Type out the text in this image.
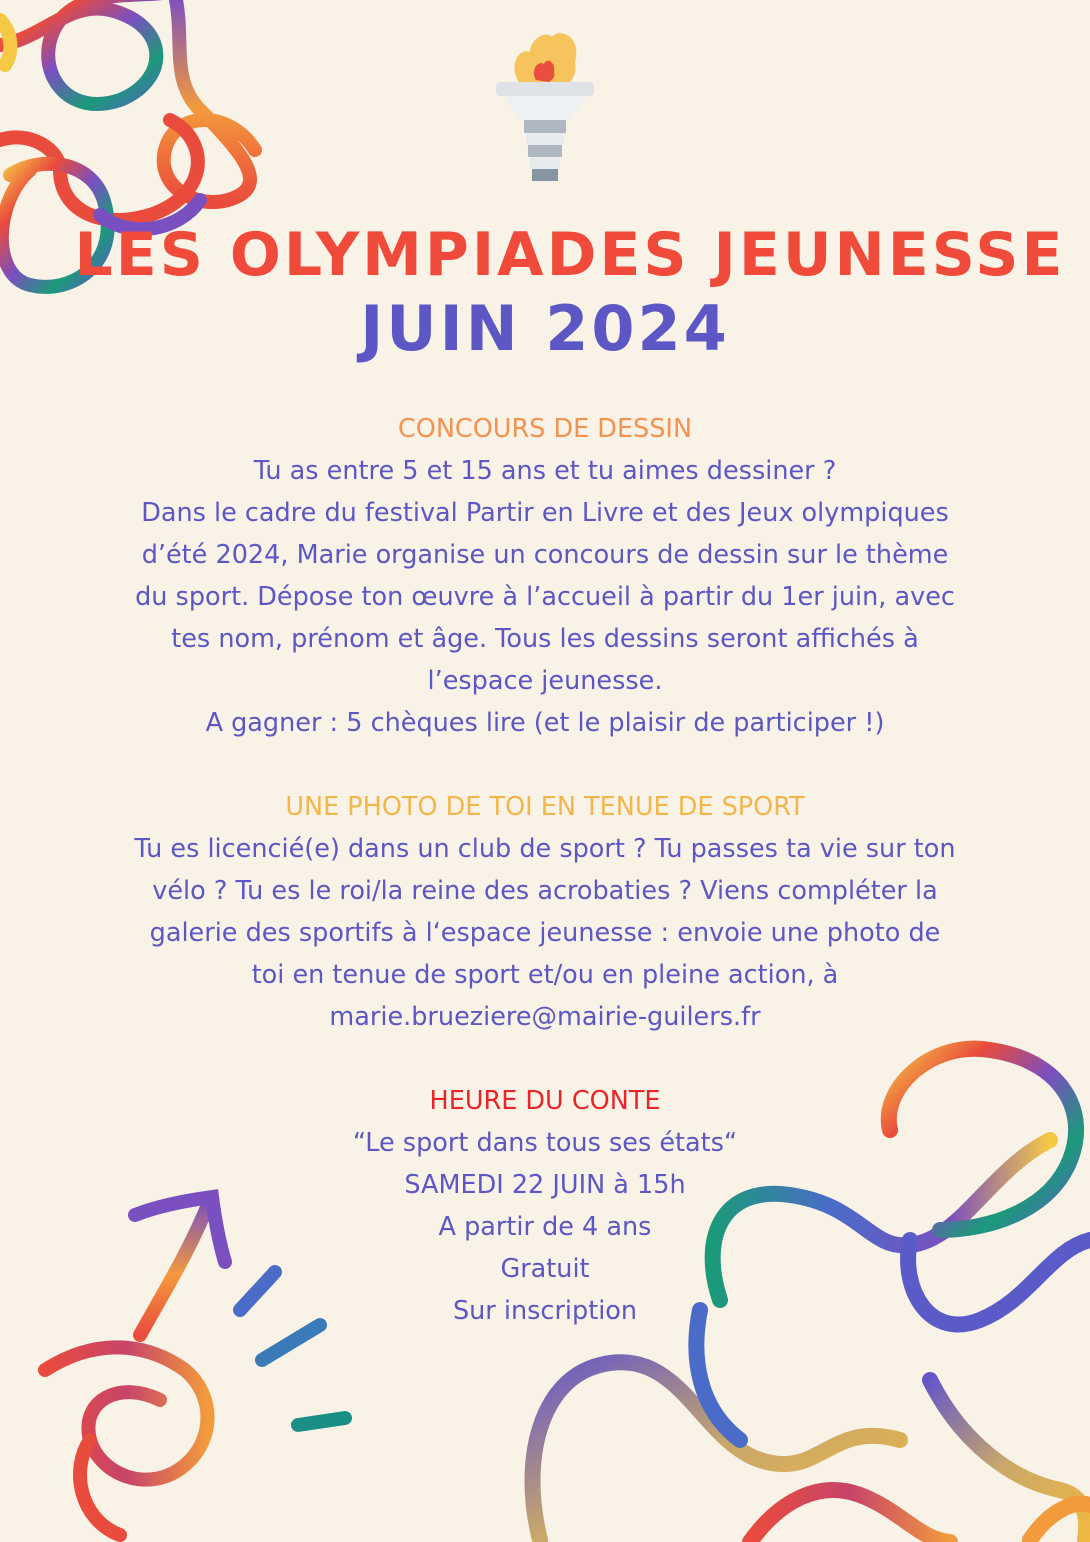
LES OLYMPIADES JEUNESSE
JUIN 2024

CONCOURS DE DESSIN

Tu as entre 5 et 15 ans et tu aimes dessiner ?

Dans le cadre du festival Partir en Livre et des Jeux olympiques

d’été 2024, Marie organise un concours de dessin sur le thème

du sport. Dépose ton œuvre à l’accueil à partir du 1er juin, avec

tes nom, prénom et âge. Tous les dessins seront affichés à

l’espace jeunesse.

A gagner : 5 chèques lire (et le plaisir de participer !)

UNE PHOTO DE TOI EN TENUE DE SPORT

Tu es licencié(e) dans un club de sport ? Tu passes ta vie sur ton

vélo ? Tu es le roi/la reine des acrobaties ? Viens compléter la

galerie des sportifs à l‘espace jeunesse : envoie une photo de

toi en tenue de sport et/ou en pleine action, à

marie.brueziere@mairie-guilers.fr

HEURE DU CONTE

“Le sport dans tous ses états“

SAMEDI 22 JUIN à 15h

A partir de 4 ans

Gratuit

Sur inscription
